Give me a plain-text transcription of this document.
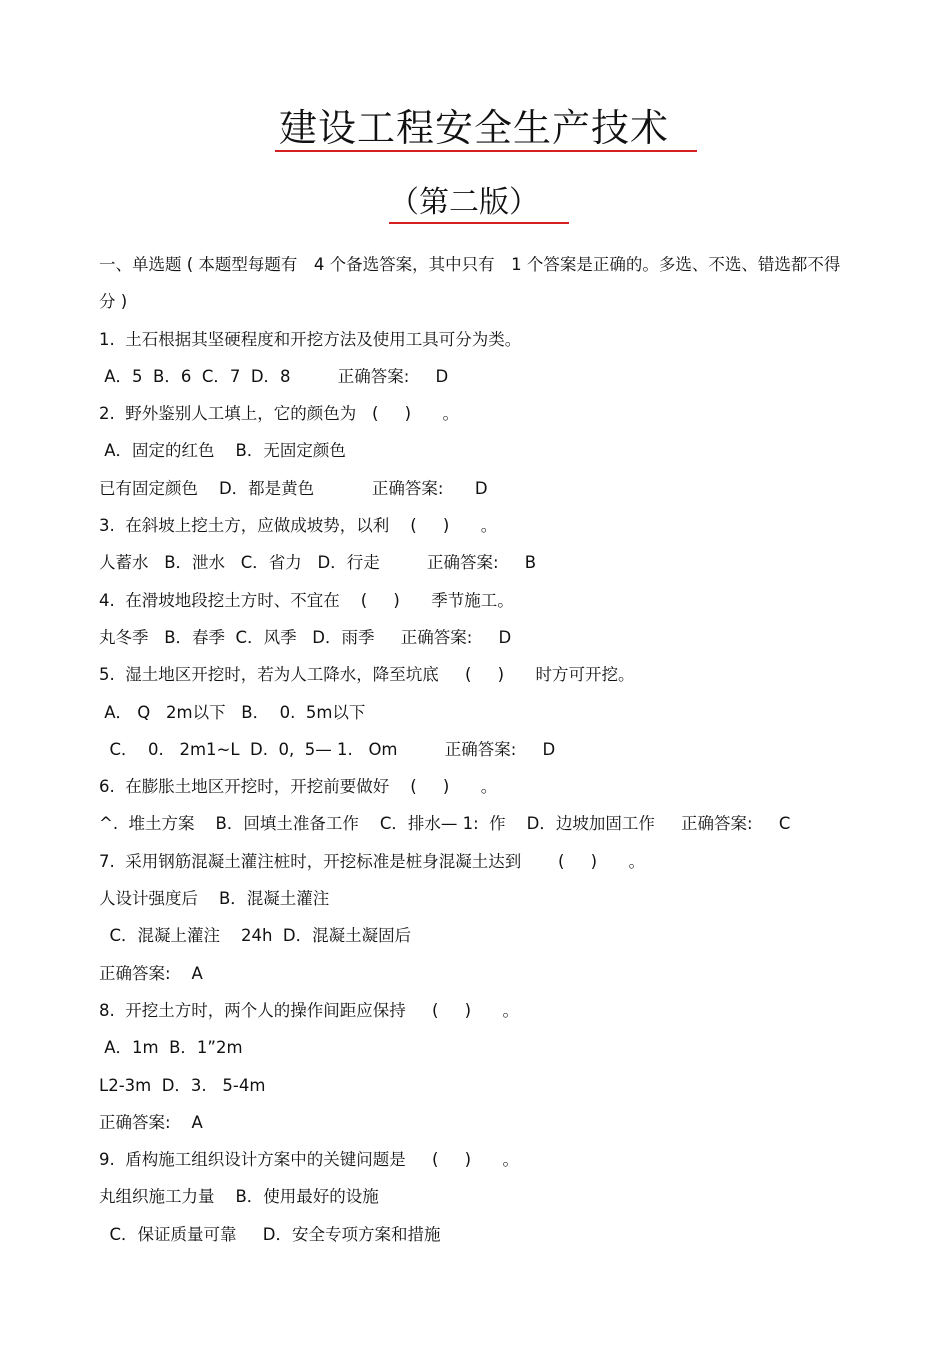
建设工程安全生产技术
（第二版）
一、单选题 ( 本题型每题有　4 个备选答案，其中只有　1 个答案是正确的。多选、不选、错选都不得分 )
1.  土石根据其坚硬程度和开挖方法及使用工具可分为类。
A．5  B．6  C．7  D．8         正确答案:     D
2.  野外鉴别人工填上，它的颜色为   (     )      。
A．固定的红色    B．无固定颜色
已有固定颜色    D．都是黄色           正确答案:      D
3.  在斜坡上挖土方，应做成坡势，以利    (     )      。
人蓄水   B．泄水   C．省力   D．行走         正确答案:     B
4.  在滑坡地段挖土方时、不宜在    (     )      季节施工。
丸冬季   B．春季  C．风季   D．雨季     正确答案:     D
5.  湿土地区开挖时，若为人工降水，降至坑底     (     )      时方可开挖。
A． Q   2m以下   B．  0.  5m以下
C．  0.   2m1~L  D.  0,  5— 1.   Om         正确答案:     D
6.  在膨胀土地区开挖时，开挖前要做好    (     )      。
^.  堆土方案    B．回填土准备工作    C．排水— 1:  作    D．边坡加固工作     正确答案:     C
7.  采用钢筋混凝土灌注桩时，开挖标准是桩身混凝土达到       (     )      。
人设计强度后    B．混凝土灌注
C．混凝上灌注    24h  D．混凝土凝固后
正确答案:    A
8.  开挖土方时，两个人的操作间距应保持     (     )      。
A．1m  B．1”2m
L2-3m  D．3.   5-4m
正确答案:    A
9.  盾构施工组织设计方案中的关键问题是     (     )      。
丸组织施工力量    B．使用最好的设施
C．保证质量可靠     D．安全专项方案和措施
